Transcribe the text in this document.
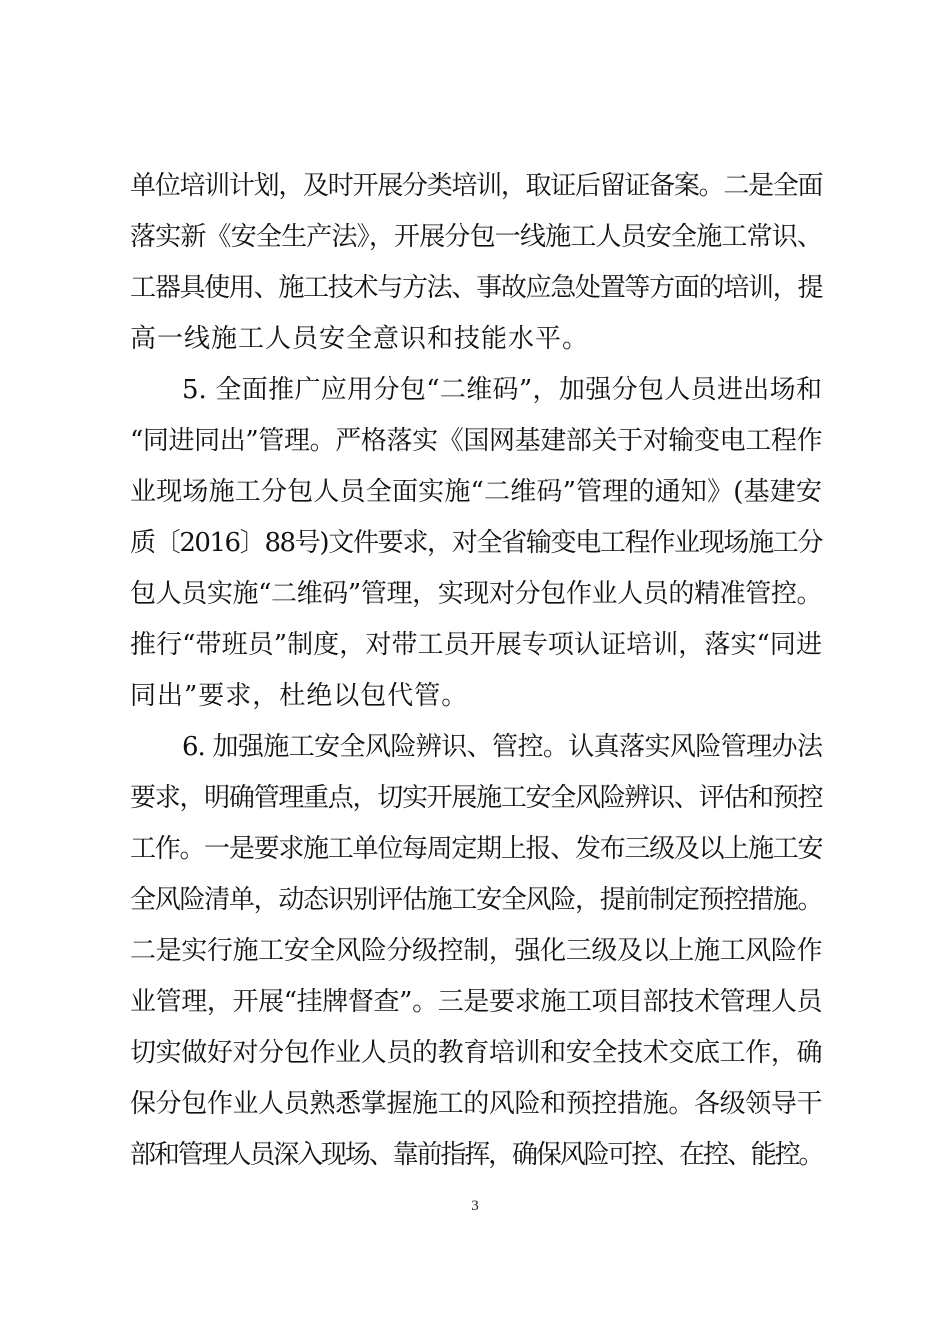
单位培训计划，及时开展分类培训，取证后留证备案。二是全面
落实新《安全生产法》，开展分包一线施工人员安全施工常识、
工器具使用、施工技术与方法、事故应急处置等方面的培训，提
高一线施工人员安全意识和技能水平。
5. 全面推广应用分包“二维码”，加强分包人员进出场和
“同进同出”管理。严格落实《国网基建部关于对输变电工程作
业现场施工分包人员全面实施“二维码”管理的通知》(基建安
质〔2016〕88号)文件要求，对全省输变电工程作业现场施工分
包人员实施“二维码”管理，实现对分包作业人员的精准管控。
推行“带班员”制度，对带工员开展专项认证培训，落实“同进
同出”要求，杜绝以包代管。
6. 加强施工安全风险辨识、管控。认真落实风险管理办法
要求，明确管理重点，切实开展施工安全风险辨识、评估和预控
工作。一是要求施工单位每周定期上报、发布三级及以上施工安
全风险清单，动态识别评估施工安全风险，提前制定预控措施。
二是实行施工安全风险分级控制，强化三级及以上施工风险作
业管理，开展“挂牌督查”。三是要求施工项目部技术管理人员
切实做好对分包作业人员的教育培训和安全技术交底工作，确
保分包作业人员熟悉掌握施工的风险和预控措施。各级领导干
部和管理人员深入现场、靠前指挥，确保风险可控、在控、能控。
3
